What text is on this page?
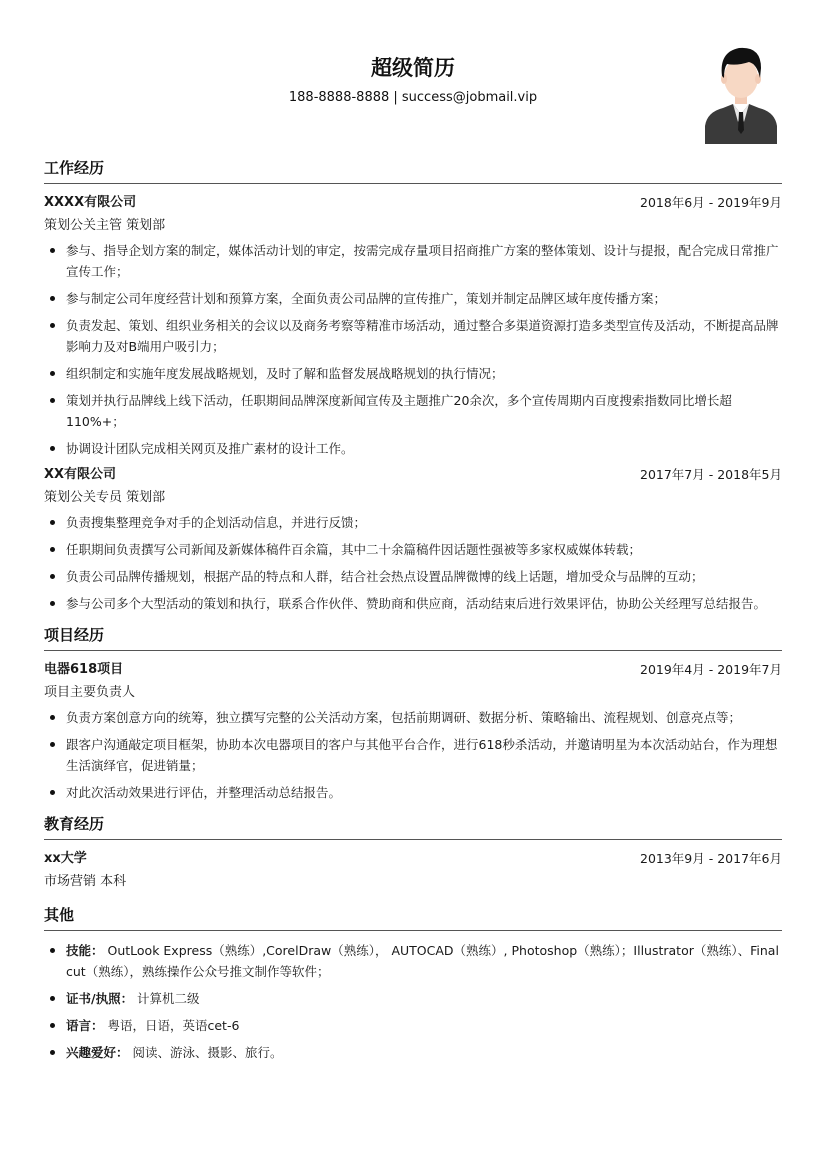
超级简历
188-8888-8888 | success@jobmail.vip
工作经历
XXXX有限公司	2018年6月 - 2019年9月
策划公关主管 策划部
参与、指导企划方案的制定，媒体活动计划的审定，按需完成存量项目招商推广方案的整体策划、设计与提报，配合完成日常推广宣传工作；
参与制定公司年度经营计划和预算方案，全面负责公司品牌的宣传推广，策划并制定品牌区域年度传播方案；
负责发起、策划、组织业务相关的会议以及商务考察等精准市场活动，通过整合多渠道资源打造多类型宣传及活动，不断提高品牌影响力及对B端用户吸引力；
组织制定和实施年度发展战略规划，及时了解和监督发展战略规划的执行情况；
策划并执行品牌线上线下活动，任职期间品牌深度新闻宣传及主题推广20余次，多个宣传周期内百度搜索指数同比增长超110%+；
协调设计团队完成相关网页及推广素材的设计工作。
XX有限公司	2017年7月 - 2018年5月
策划公关专员 策划部
负责搜集整理竞争对手的企划活动信息，并进行反馈；
任职期间负责撰写公司新闻及新媒体稿件百余篇，其中二十余篇稿件因话题性强被等多家权威媒体转载；
负责公司品牌传播规划，根据产品的特点和人群，结合社会热点设置品牌微博的线上话题，增加受众与品牌的互动；
参与公司多个大型活动的策划和执行，联系合作伙伴、赞助商和供应商，活动结束后进行效果评估，协助公关经理写总结报告。
项目经历
电器618项目	2019年4月 - 2019年7月
项目主要负责人
负责方案创意方向的统筹，独立撰写完整的公关活动方案，包括前期调研、数据分析、策略输出、流程规划、创意亮点等；
跟客户沟通敲定项目框架，协助本次电器项目的客户与其他平台合作，进行618秒杀活动，并邀请明星为本次活动站台，作为理想生活演绎官，促进销量；
对此次活动效果进行评估，并整理活动总结报告。
教育经历
xx大学	2013年9月 - 2017年6月
市场营销 本科
其他
技能： OutLook Express（熟练）,CorelDraw（熟练）， AUTOCAD（熟练）, Photoshop（熟练）；Illustrator（熟练）、Final cut（熟练），熟练操作公众号推文制作等软件；
证书/执照： 计算机二级
语言： 粤语，日语，英语cet-6
兴趣爱好： 阅读、游泳、摄影、旅行。
